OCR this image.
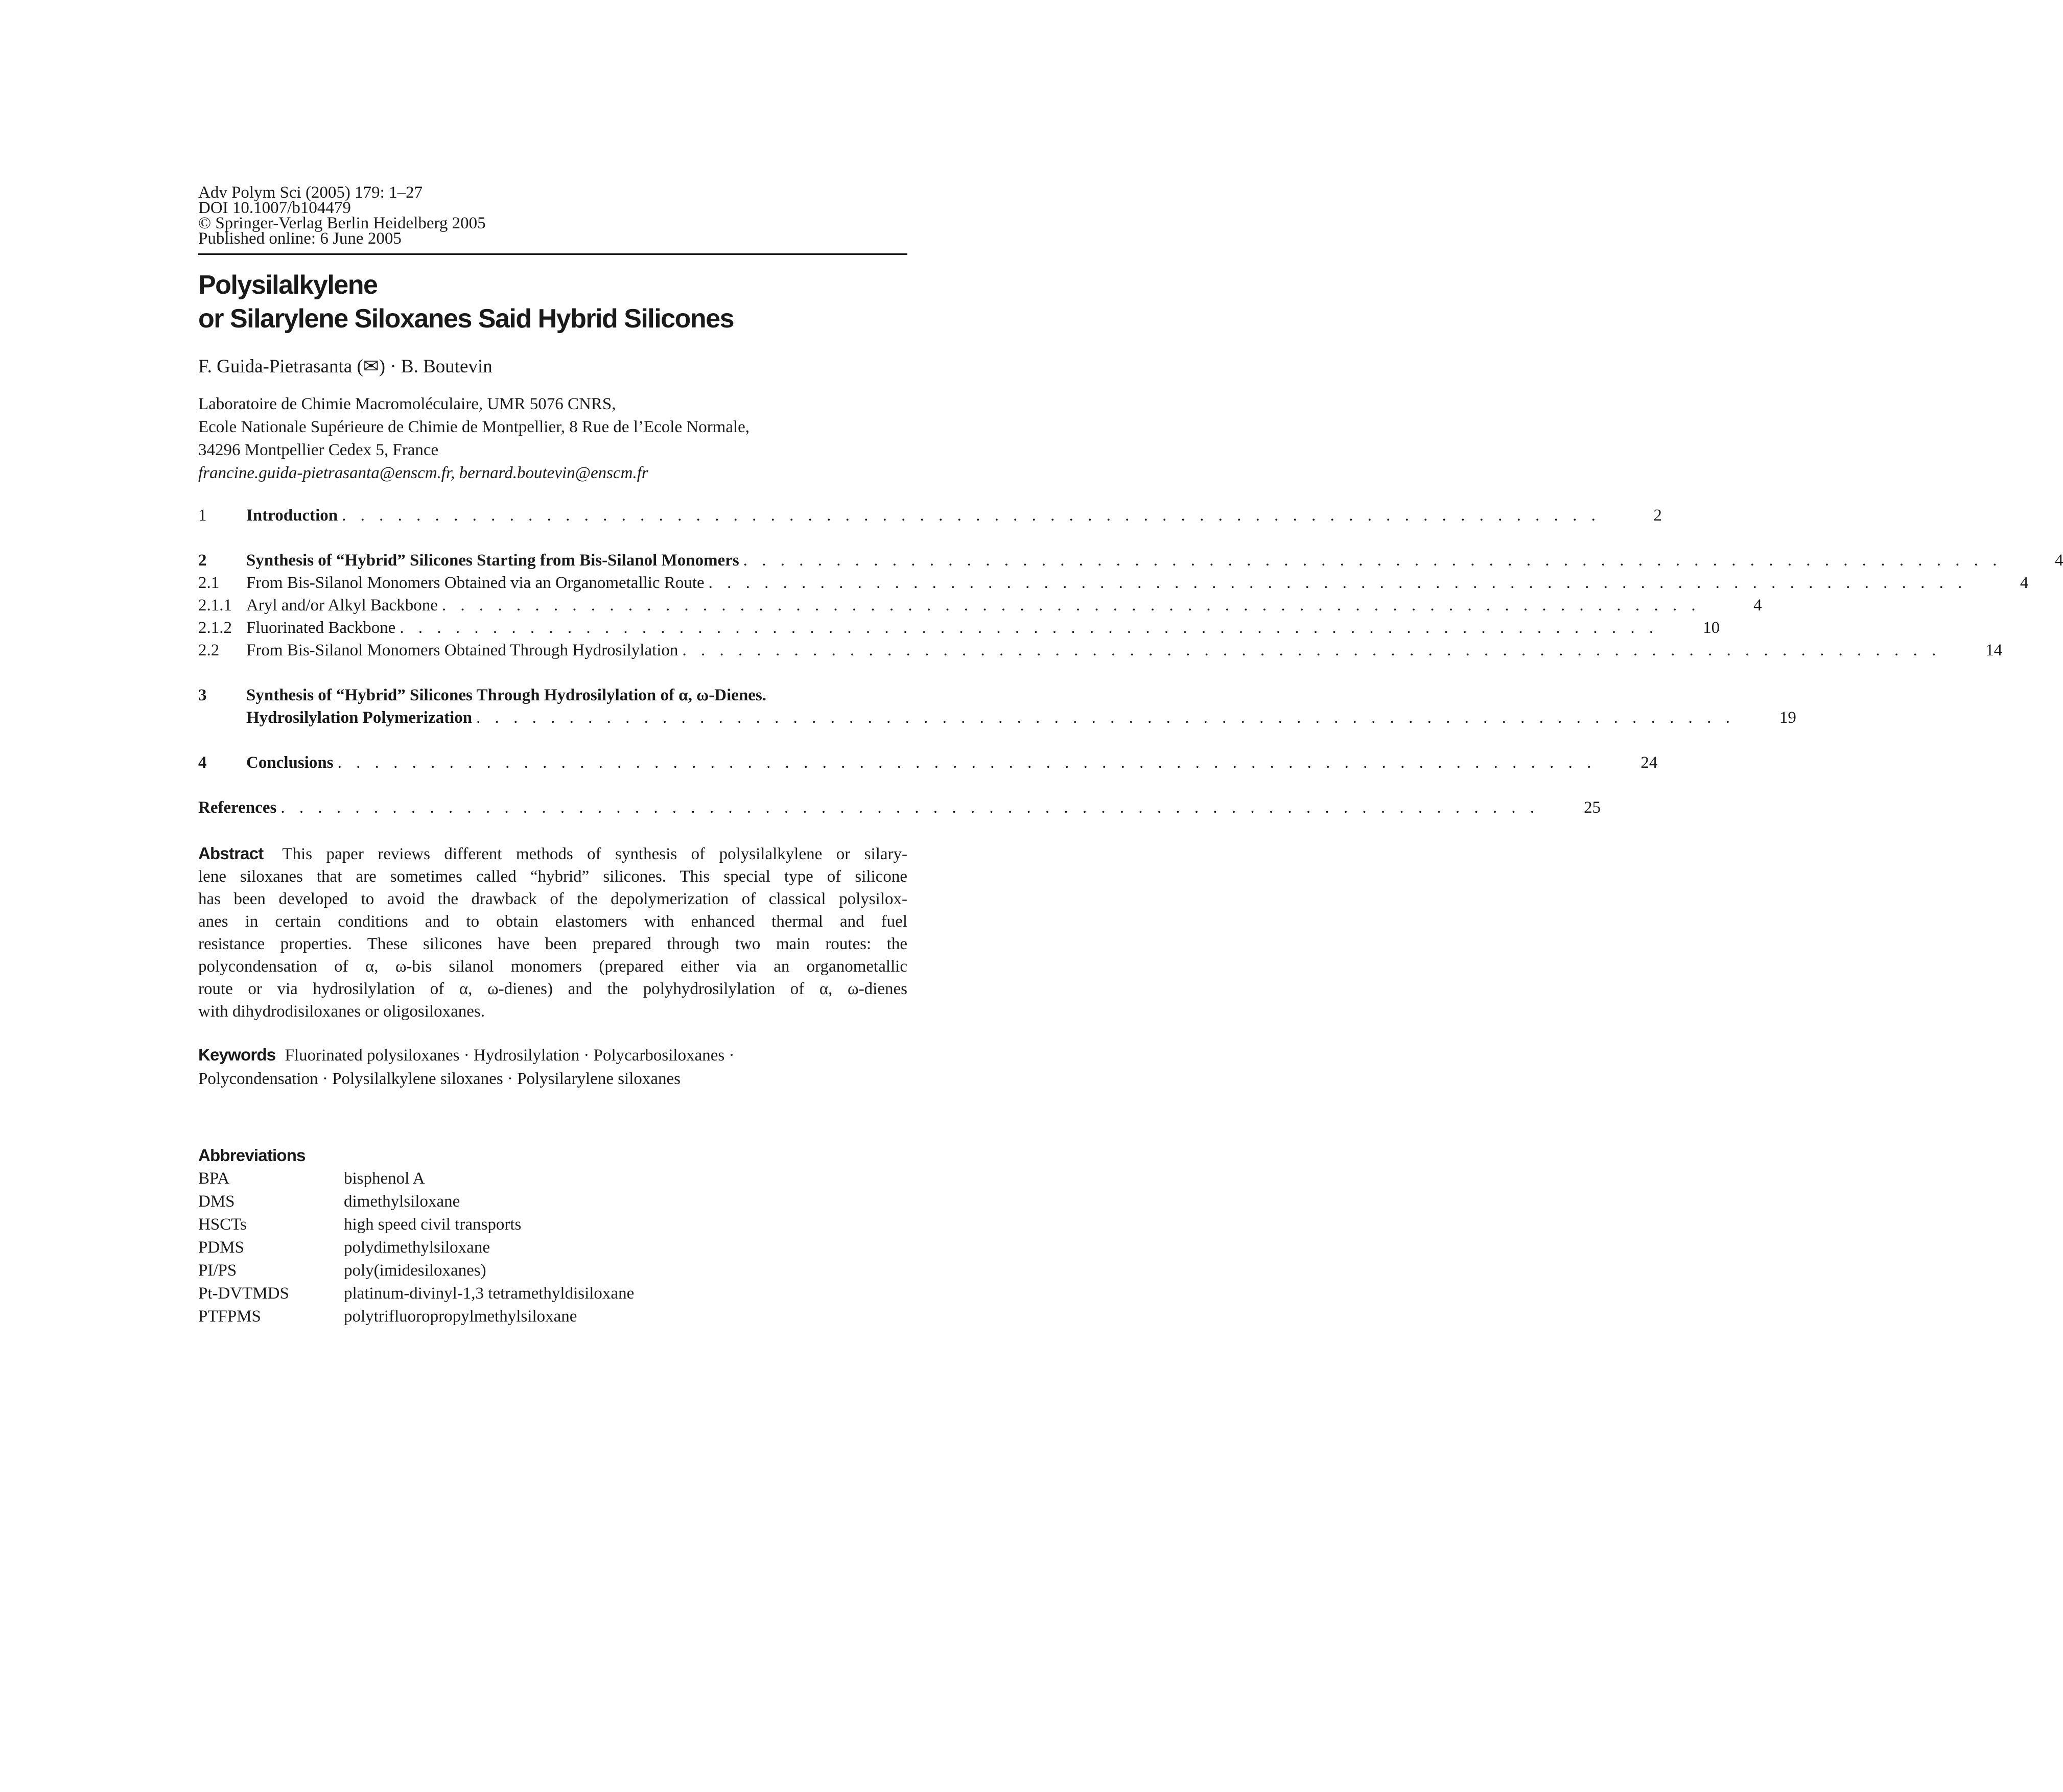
Adv Polym Sci (2005) 179: 1–27
DOI 10.1007/b104479
© Springer-Verlag Berlin Heidelberg 2005
Published online: 6 June 2005
Polysilalkylene
or Silarylene Siloxanes Said Hybrid Silicones
F. Guida-Pietrasanta (✉) · B. Boutevin
Laboratoire de Chimie Macromoléculaire, UMR 5076 CNRS,
Ecole Nationale Supérieure de Chimie de Montpellier, 8 Rue de l’Ecole Normale,
34296 Montpellier Cedex 5, France
francine.guida-pietrasanta@enscm.fr, bernard.boutevin@enscm.fr
1	Introduction . . . . . . . . . . . . . . . . . . . . . . . . . . . . . . . . . . . . . . . . . . . . . . . . . . . . . . . . . . . . . . . . . . . .	2
2	Synthesis of “Hybrid” Silicones Starting from Bis-Silanol Monomers . . . . . . . . . . . . . . . . . . . . . . . . . . . . . . . . . . . . . . . . . . . . . . . . . . . . . . . . . . . . . . . . . . . .	4
2.1	From Bis-Silanol Monomers Obtained via an Organometallic Route . . . . . . . . . . . . . . . . . . . . . . . . . . . . . . . . . . . . . . . . . . . . . . . . . . . . . . . . . . . . . . . . . . . .	4
2.1.1 Aryl and/or Alkyl Backbone . . . . . . . . . . . . . . . . . . . . . . . . . . . . . . . . . . . . . . . . . . . . . . . . . . . . . . . . . . . . . . . . . . . .	4
2.1.2 Fluorinated Backbone . . . . . . . . . . . . . . . . . . . . . . . . . . . . . . . . . . . . . . . . . . . . . . . . . . . . . . . . . . . . . . . . . . . .	10
2.2	From Bis-Silanol Monomers Obtained Through Hydrosilylation . . . . . . . . . . . . . . . . . . . . . . . . . . . . . . . . . . . . . . . . . . . . . . . . . . . . . . . . . . . . . . . . . . . .	14
3	Synthesis of “Hybrid” Silicones Through Hydrosilylation of α, ω-Dienes.
Hydrosilylation Polymerization . . . . . . . . . . . . . . . . . . . . . . . . . . . . . . . . . . . . . . . . . . . . . . . . . . . . . . . . . . . . . . . . . . . .	19
4	Conclusions . . . . . . . . . . . . . . . . . . . . . . . . . . . . . . . . . . . . . . . . . . . . . . . . . . . . . . . . . . . . . . . . . . . .	24
References . . . . . . . . . . . . . . . . . . . . . . . . . . . . . . . . . . . . . . . . . . . . . . . . . . . . . . . . . . . . . . . . . . . .	25
Abstract This paper reviews different methods of synthesis of polysilalkylene or silary-
lene siloxanes that are sometimes called “hybrid” silicones. This special type of silicone
has been developed to avoid the drawback of the depolymerization of classical polysilox-
anes in certain conditions and to obtain elastomers with enhanced thermal and fuel
resistance properties. These silicones have been prepared through two main routes: the
polycondensation of α, ω-bis silanol monomers (prepared either via an organometallic
route or via hydrosilylation of α, ω-dienes) and the polyhydrosilylation of α, ω-dienes
with dihydrodisiloxanes or oligosiloxanes.
Keywords Fluorinated polysiloxanes · Hydrosilylation · Polycarbosiloxanes ·
Polycondensation · Polysilalkylene siloxanes · Polysilarylene siloxanes
Abbreviations
BPA	bisphenol A
DMS	dimethylsiloxane
HSCTs	high speed civil transports
PDMS	polydimethylsiloxane
PI/PS	poly(imidesiloxanes)
Pt-DVTMDS	platinum-divinyl-1,3 tetramethyldisiloxane
PTFPMS	polytrifluoropropylmethylsiloxane
